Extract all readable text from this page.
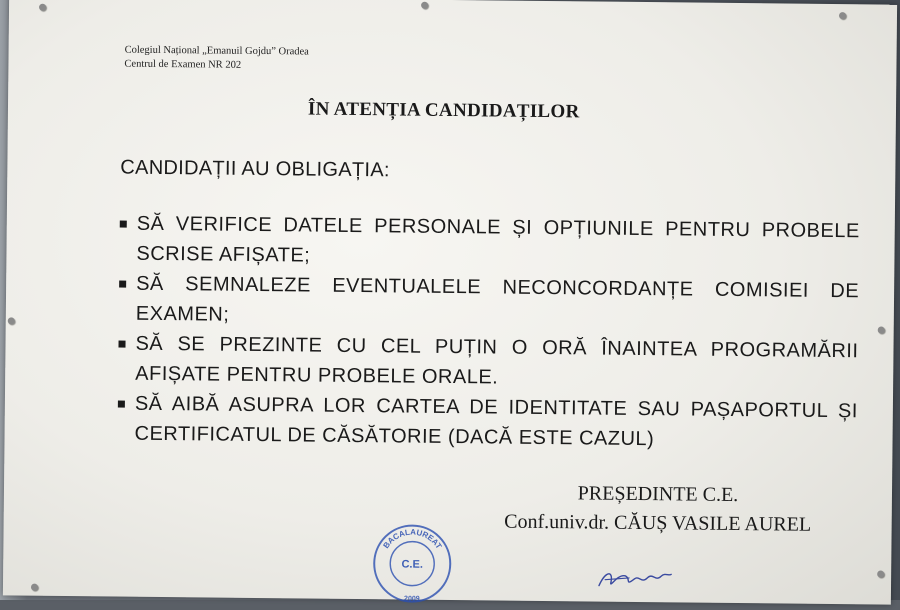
Colegiul Național „Emanuil Gojdu” Oradea
Centrul de Examen NR 202
ÎN ATENȚIA CANDIDAȚILOR
CANDIDAȚII AU OBLIGAȚIA:
SĂ VERIFICE DATELE PERSONALE ȘI OPȚIUNILE PENTRU PROBELE SCRISE AFIȘATE;
SĂ SEMNALEZE EVENTUALELE NECONCORDANȚE COMISIEI DE EXAMEN;
SĂ SE PREZINTE CU CEL PUȚIN O ORĂ ÎNAINTEA PROGRAMĂRII AFIȘATE PENTRU PROBELE ORALE.
SĂ AIBĂ ASUPRA LOR CARTEA DE IDENTITATE SAU PAȘAPORTUL ȘI CERTIFICATUL DE CĂSĂTORIE (DACĂ ESTE CAZUL)
PREȘEDINTE C.E.
Conf.univ.dr. CĂUȘ VASILE AUREL
BACALAUREAT
C.E.
2009
